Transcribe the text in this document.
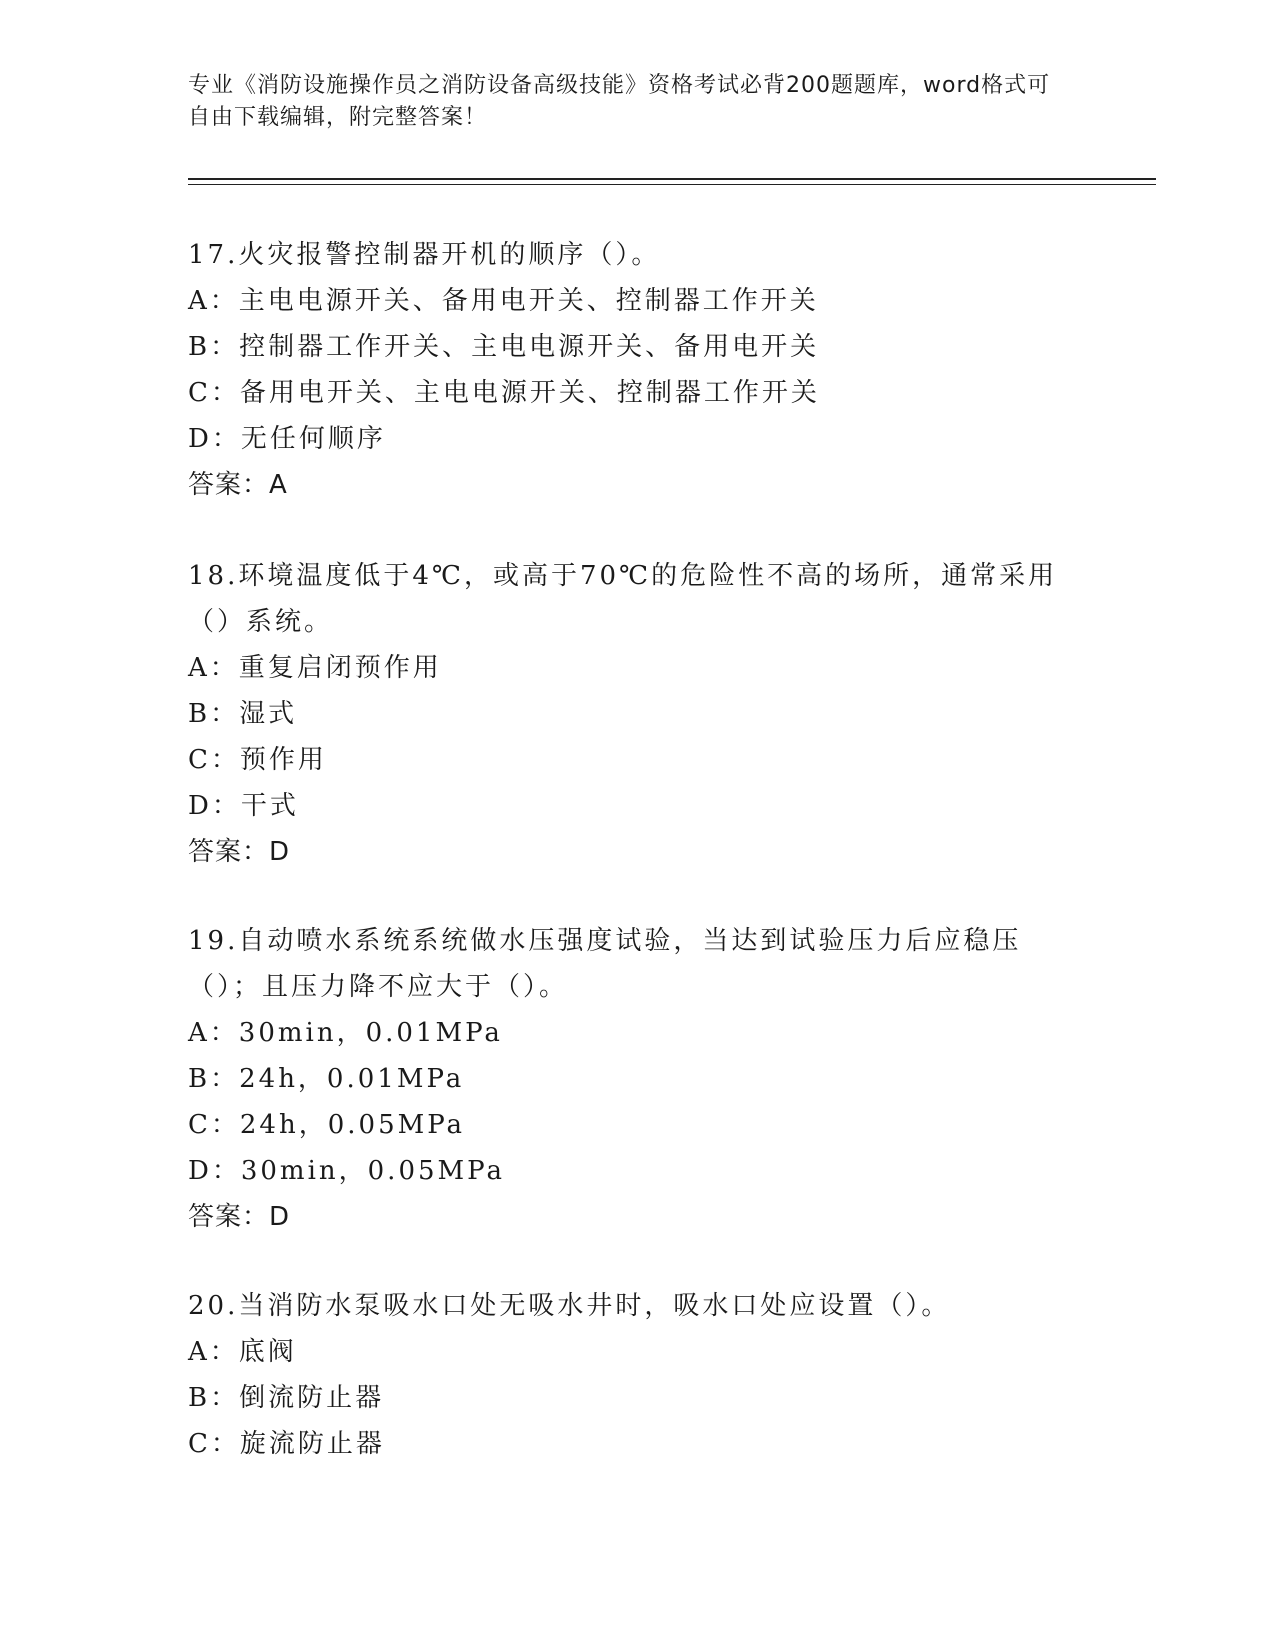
专业《消防设施操作员之消防设备高级技能》资格考试必背200题题库，word格式可自由下载编辑，附完整答案！

17.火灾报警控制器开机的顺序（）。

A：主电电源开关、备用电开关、控制器工作开关

B：控制器工作开关、主电电源开关、备用电开关

C：备用电开关、主电电源开关、控制器工作开关

D：无任何顺序

答案：A

18.环境温度低于4℃，或高于70℃的危险性不高的场所，通常采用（）系统。

A：重复启闭预作用

B：湿式

C：预作用

D：干式

答案：D

19.自动喷水系统系统做水压强度试验，当达到试验压力后应稳压（）；且压力降不应大于（）。

A：30min，0.01MPa

B：24h，0.01MPa

C：24h，0.05MPa

D：30min，0.05MPa

答案：D

20.当消防水泵吸水口处无吸水井时，吸水口处应设置（）。

A：底阀

B：倒流防止器

C：旋流防止器
